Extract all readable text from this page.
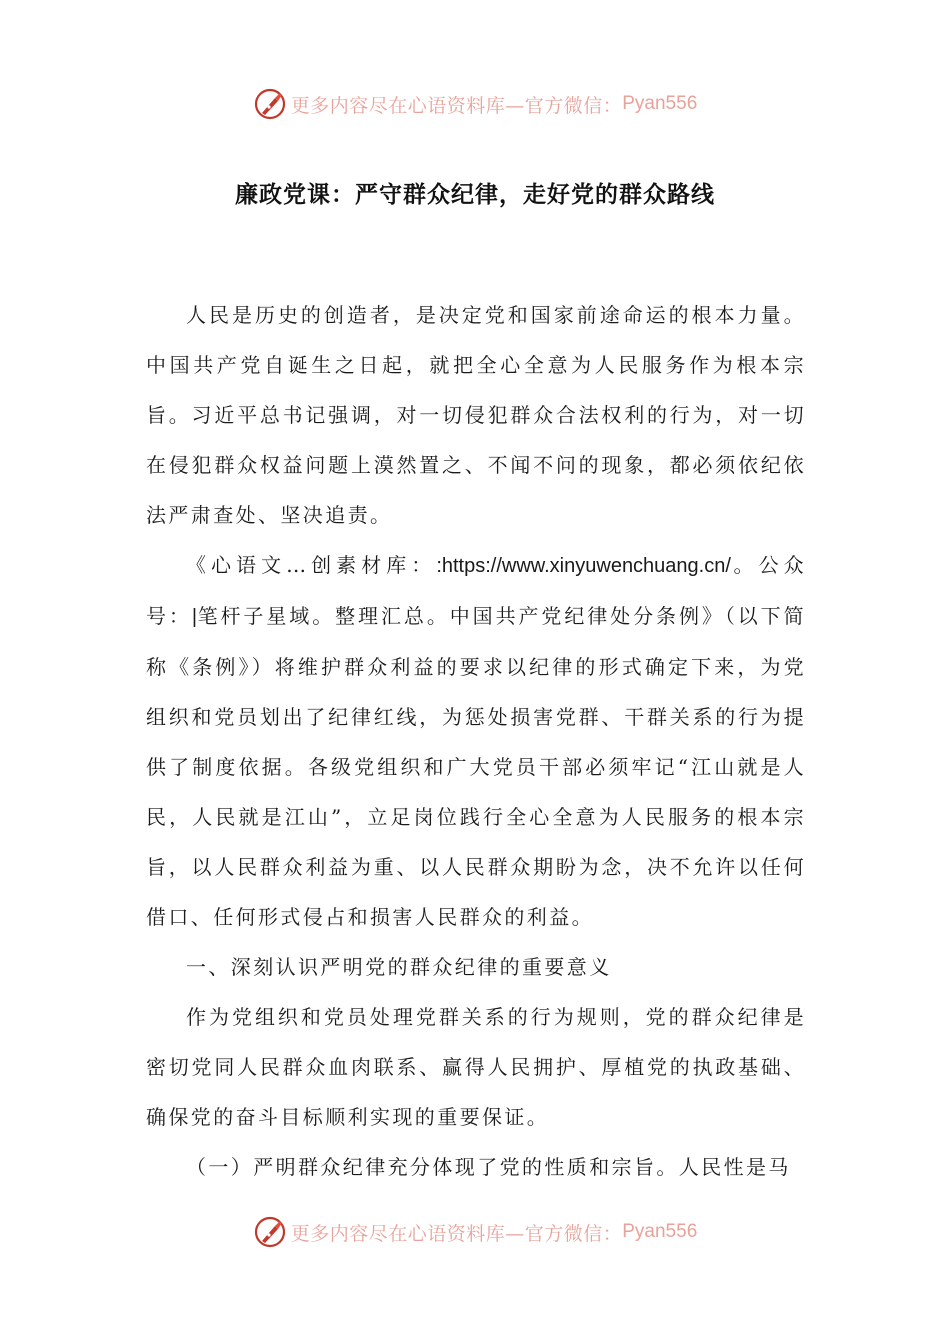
更多内容尽在心语资料库—官方微信： Pyan556
廉政党课：严守群众纪律，走好党的群众路线

人民是历史的创造者，是决定党和国家前途命运的根本力量。中国共产党自诞生之日起，就把全心全意为人民服务作为根本宗旨。习近平总书记强调，对一切侵犯群众合法权利的行为，对一切在侵犯群众权益问题上漠然置之、不闻不问的现象，都必须依纪依法严肃查处、坚决追责。

《心语文…创素材库：:https://www.xinyuwenchuang.cn/。公众号：|笔杆子星域。整理汇总。中国共产党纪律处分条例》（以下简称《条例》）将维护群众利益的要求以纪律的形式确定下来，为党组织和党员划出了纪律红线，为惩处损害党群、干群关系的行为提供了制度依据。各级党组织和广大党员干部必须牢记“江山就是人民，人民就是江山”，立足岗位践行全心全意为人民服务的根本宗旨，以人民群众利益为重、以人民群众期盼为念，决不允许以任何借口、任何形式侵占和损害人民群众的利益。

一、深刻认识严明党的群众纪律的重要意义

作为党组织和党员处理党群关系的行为规则，党的群众纪律是密切党同人民群众血肉联系、赢得人民拥护、厚植党的执政基础、确保党的奋斗目标顺利实现的重要保证。

（一）严明群众纪律充分体现了党的性质和宗旨。人民性是马

更多内容尽在心语资料库—官方微信： Pyan556
